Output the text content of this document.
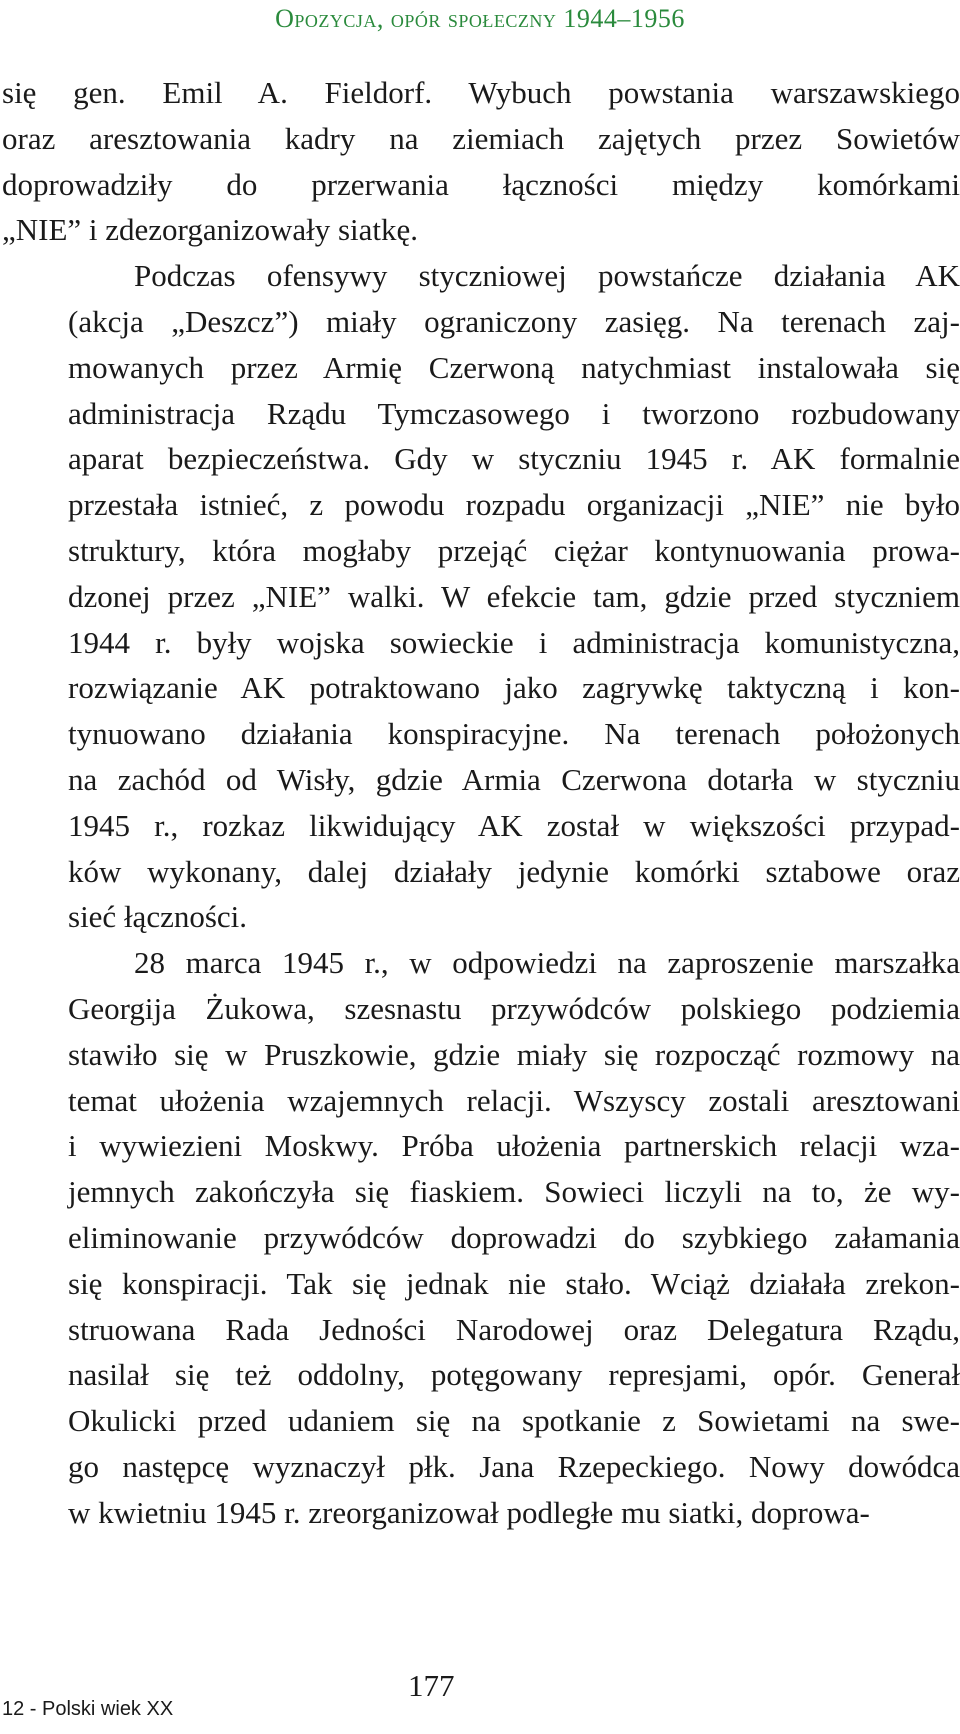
Opozycja, opór społeczny 1944–1956
się gen. Emil A. Fieldorf. Wybuch powstania warszawskiego
oraz aresztowania kadry na ziemiach zajętych przez Sowietów
doprowadziły do przerwania łączności między komórkami
„NIE” i zdezorganizowały siatkę.
Podczas ofensywy styczniowej powstańcze działania AK
(akcja „Deszcz”) miały ograniczony zasięg. Na terenach zaj-
mowanych przez Armię Czerwoną natychmiast instalowała się
administracja Rządu Tymczasowego i tworzono rozbudowany
aparat bezpieczeństwa. Gdy w styczniu 1945 r. AK formalnie
przestała istnieć, z powodu rozpadu organizacji „NIE” nie było
struktury, która mogłaby przejąć ciężar kontynuowania prowa-
dzonej przez „NIE” walki. W efekcie tam, gdzie przed styczniem
1944 r. były wojska sowieckie i administracja komunistyczna,
rozwiązanie AK potraktowano jako zagrywkę taktyczną i kon-
tynuowano działania konspiracyjne. Na terenach położonych
na zachód od Wisły, gdzie Armia Czerwona dotarła w styczniu
1945 r., rozkaz likwidujący AK został w większości przypad-
ków wykonany, dalej działały jedynie komórki sztabowe oraz
sieć łączności.
28 marca 1945 r., w odpowiedzi na zaproszenie marszałka
Georgija Żukowa, szesnastu przywódców polskiego podziemia
stawiło się w Pruszkowie, gdzie miały się rozpocząć rozmowy na
temat ułożenia wzajemnych relacji. Wszyscy zostali aresztowani
i wywiezieni Moskwy. Próba ułożenia partnerskich relacji wza-
jemnych zakończyła się fiaskiem. Sowieci liczyli na to, że wy-
eliminowanie przywódców doprowadzi do szybkiego załamania
się konspiracji. Tak się jednak nie stało. Wciąż działała zrekon-
struowana Rada Jedności Narodowej oraz Delegatura Rządu,
nasilał się też oddolny, potęgowany represjami, opór. Generał
Okulicki przed udaniem się na spotkanie z Sowietami na swe-
go następcę wyznaczył płk. Jana Rzepeckiego. Nowy dowódca
w kwietniu 1945 r. zreorganizował podległe mu siatki, doprowa-
12 - Polski wiek XX
177
